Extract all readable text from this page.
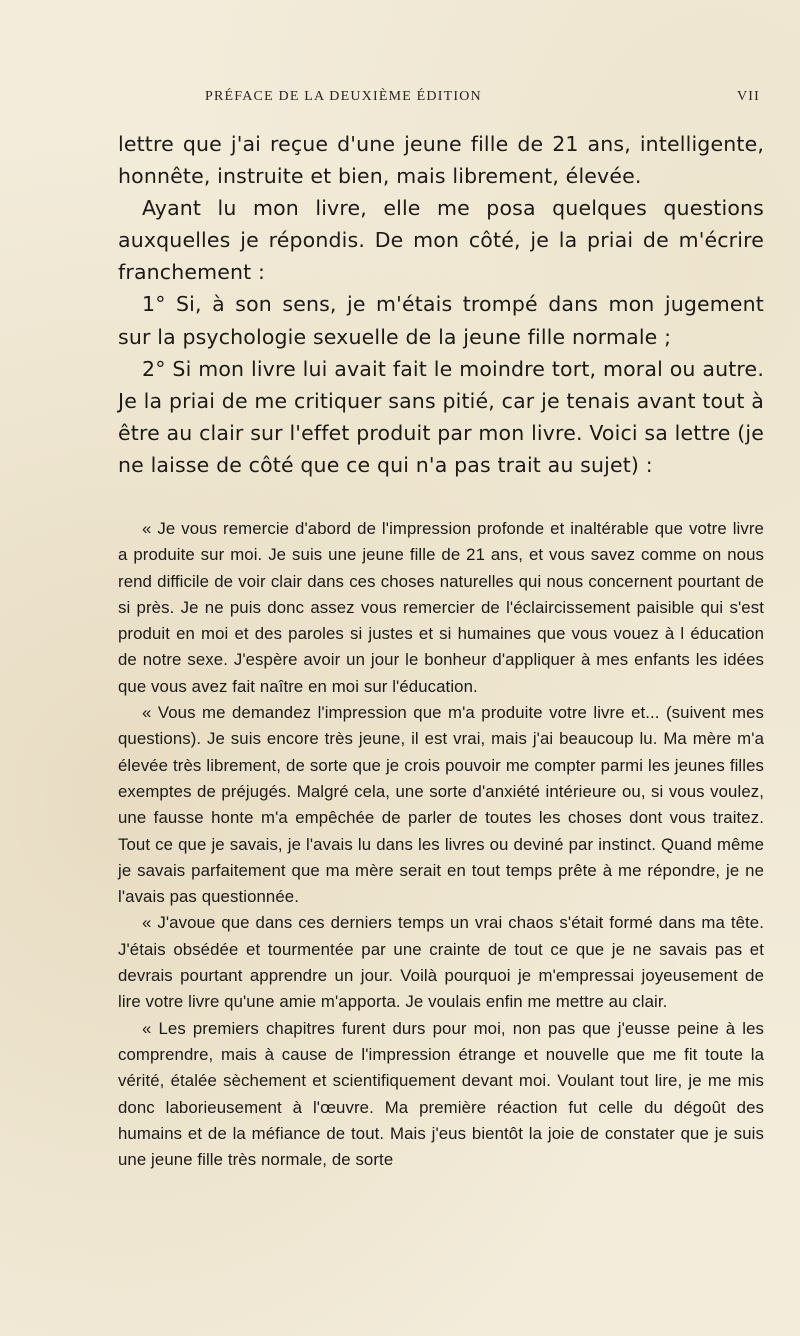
PRÉFACE DE LA DEUXIÈME ÉDITION	VII

lettre que j'ai reçue d'une jeune fille de 21 ans, intelligente, honnête, instruite et bien, mais librement, élevée.

Ayant lu mon livre, elle me posa quelques questions auxquelles je répondis. De mon côté, je la priai de m'écrire franchement :

1° Si, à son sens, je m'étais trompé dans mon jugement sur la psychologie sexuelle de la jeune fille normale ;

2° Si mon livre lui avait fait le moindre tort, moral ou autre. Je la priai de me critiquer sans pitié, car je tenais avant tout à être au clair sur l'effet produit par mon livre. Voici sa lettre (je ne laisse de côté que ce qui n'a pas trait au sujet) :

« Je vous remercie d'abord de l'impression profonde et inaltérable que votre livre a produite sur moi. Je suis une jeune fille de 21 ans, et vous savez comme on nous rend difficile de voir clair dans ces choses naturelles qui nous concernent pourtant de si près. Je ne puis donc assez vous remercier de l'éclaircissement paisible qui s'est produit en moi et des paroles si justes et si humaines que vous vouez à l éducation de notre sexe. J'espère avoir un jour le bonheur d'appliquer à mes enfants les idées que vous avez fait naître en moi sur l'éducation.

« Vous me demandez l'impression que m'a produite votre livre et... (suivent mes questions). Je suis encore très jeune, il est vrai, mais j'ai beaucoup lu. Ma mère m'a élevée très librement, de sorte que je crois pouvoir me compter parmi les jeunes filles exemptes de préjugés. Malgré cela, une sorte d'anxiété intérieure ou, si vous voulez, une fausse honte m'a empêchée de parler de toutes les choses dont vous traitez. Tout ce que je savais, je l'avais lu dans les livres ou deviné par instinct. Quand même je savais parfaitement que ma mère serait en tout temps prête à me répondre, je ne l'avais pas questionnée.

« J'avoue que dans ces derniers temps un vrai chaos s'était formé dans ma tête. J'étais obsédée et tourmentée par une crainte de tout ce que je ne savais pas et devrais pourtant apprendre un jour. Voilà pourquoi je m'empressai joyeusement de lire votre livre qu'une amie m'apporta. Je voulais enfin me mettre au clair.

« Les premiers chapitres furent durs pour moi, non pas que j'eusse peine à les comprendre, mais à cause de l'impression étrange et nouvelle que me fit toute la vérité, étalée sèchement et scientifiquement devant moi. Voulant tout lire, je me mis donc laborieusement à l'œuvre. Ma première réaction fut celle du dégoût des humains et de la méfiance de tout. Mais j'eus bientôt la joie de constater que je suis une jeune fille très normale, de sorte
